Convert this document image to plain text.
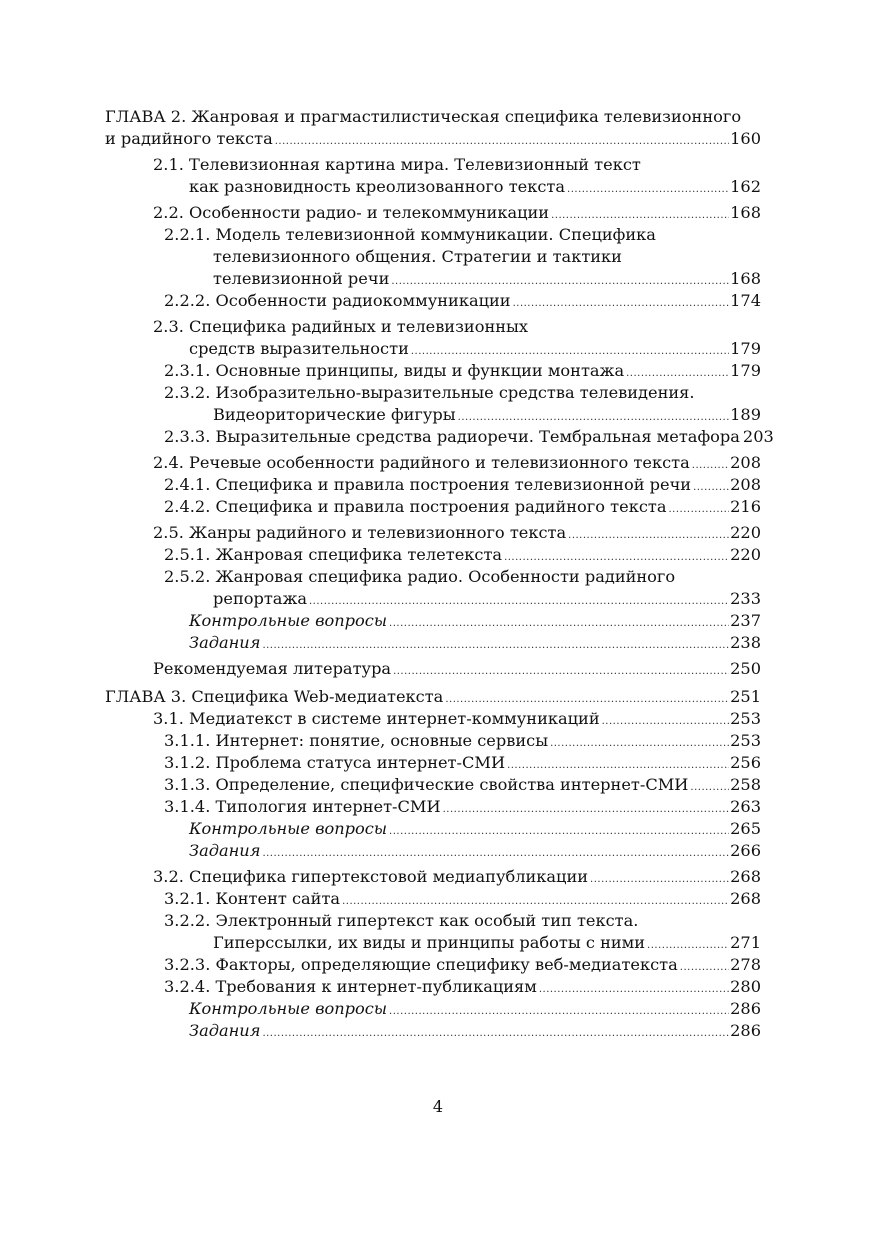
ГЛАВА 2. Жанровая и прагмастилистическая специфика телевизионного
и радийного текста .....	160
2.1. Телевизионная картина мира. Телевизионный текст
как разновидность креолизованного текста .....	162
2.2. Особенности радио- и телекоммуникации .....	168
2.2.1. Модель телевизионной коммуникации. Специфика
телевизионного общения. Стратегии и тактики
телевизионной речи .....	168
2.2.2. Особенности радиокоммуникации .....	174
2.3. Специфика радийных и телевизионных
средств выразительности .....	179
2.3.1. Основные принципы, виды и функции монтажа .....	179
2.3.2. Изобразительно-выразительные средства телевидения.
Видеориторические фигуры .....	189
2.3.3. Выразительные средства радиоречи. Тембральная метафора 203
2.4. Речевые особенности радийного и телевизионного текста ..... 208
2.4.1. Специфика и правила построения телевизионной речи ..... 208
2.4.2. Специфика и правила построения радийного текста .....	216
2.5. Жанры радийного и телевизионного текста .....	220
2.5.1. Жанровая специфика телетекста .....	220
2.5.2. Жанровая специфика радио. Особенности радийного
репортажа .....	233
Контрольные вопросы .....	237
Задания .....	238
Рекомендуемая литература .....	250
ГЛАВА 3. Специфика Web-медиатекста .....	251
3.1. Медиатекст в системе интернет-коммуникаций .....	253
3.1.1. Интернет: понятие, основные сервисы .....	253
3.1.2. Проблема статуса интернет-СМИ .....	256
3.1.3. Определение, специфические свойства интернет-СМИ .....	258
3.1.4. Типология интернет-СМИ .....	263
Контрольные вопросы .....	265
Задания .....	266
3.2. Специфика гипертекстовой медиапубликации .....	268
3.2.1. Контент сайта .....	268
3.2.2. Электронный гипертекст как особый тип текста.
Гиперссылки, их виды и принципы работы с ними .....	271
3.2.3. Факторы, определяющие специфику веб-медиатекста .....	278
3.2.4. Требования к интернет-публикациям .....	280
Контрольные вопросы .....	286
Задания .....	286
4
